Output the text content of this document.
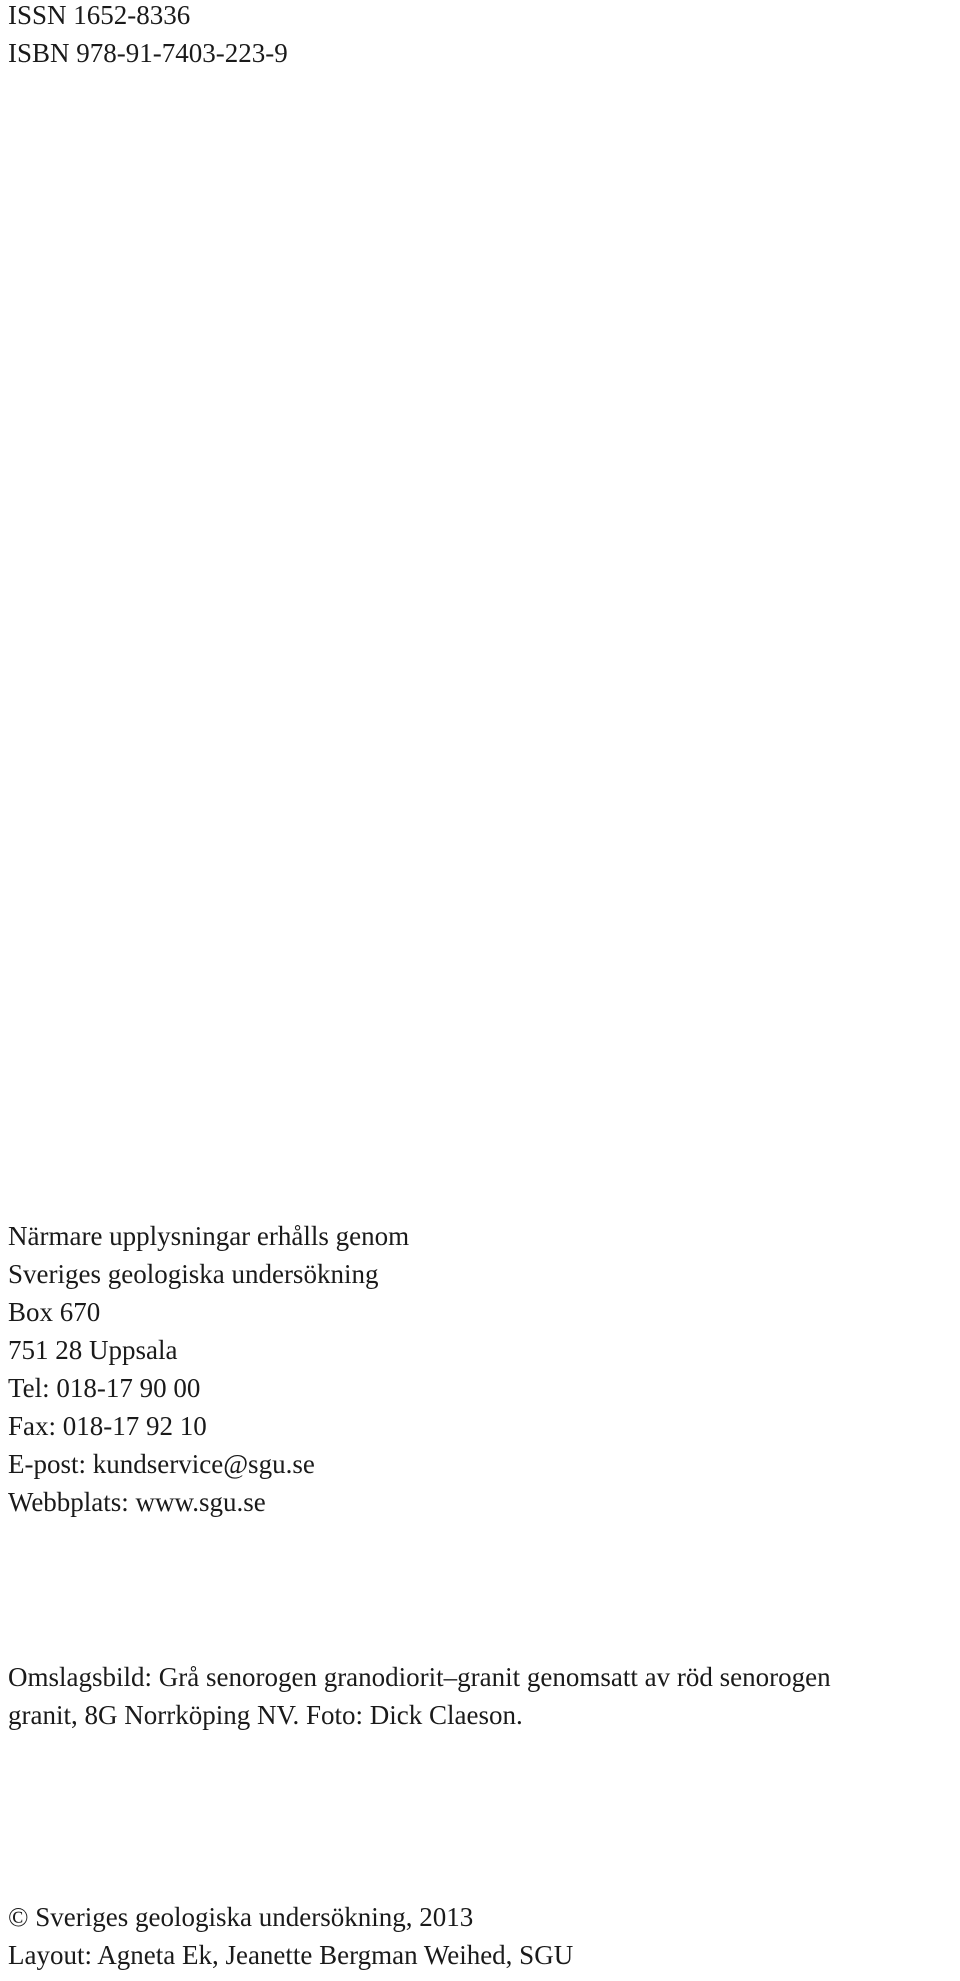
ISSN 1652-8336
ISBN 978-91-7403-223-9
Närmare upplysningar erhålls genom
Sveriges geologiska undersökning
Box 670
751 28 Uppsala
Tel: 018-17 90 00
Fax: 018-17 92 10
E-post: kundservice@sgu.se
Webbplats: www.sgu.se
Omslagsbild: Grå senorogen granodiorit–granit genomsatt av röd senorogen
granit, 8G Norrköping NV. Foto: Dick Claeson.
© Sveriges geologiska undersökning, 2013
Layout: Agneta Ek, Jeanette Bergman Weihed, SGU
